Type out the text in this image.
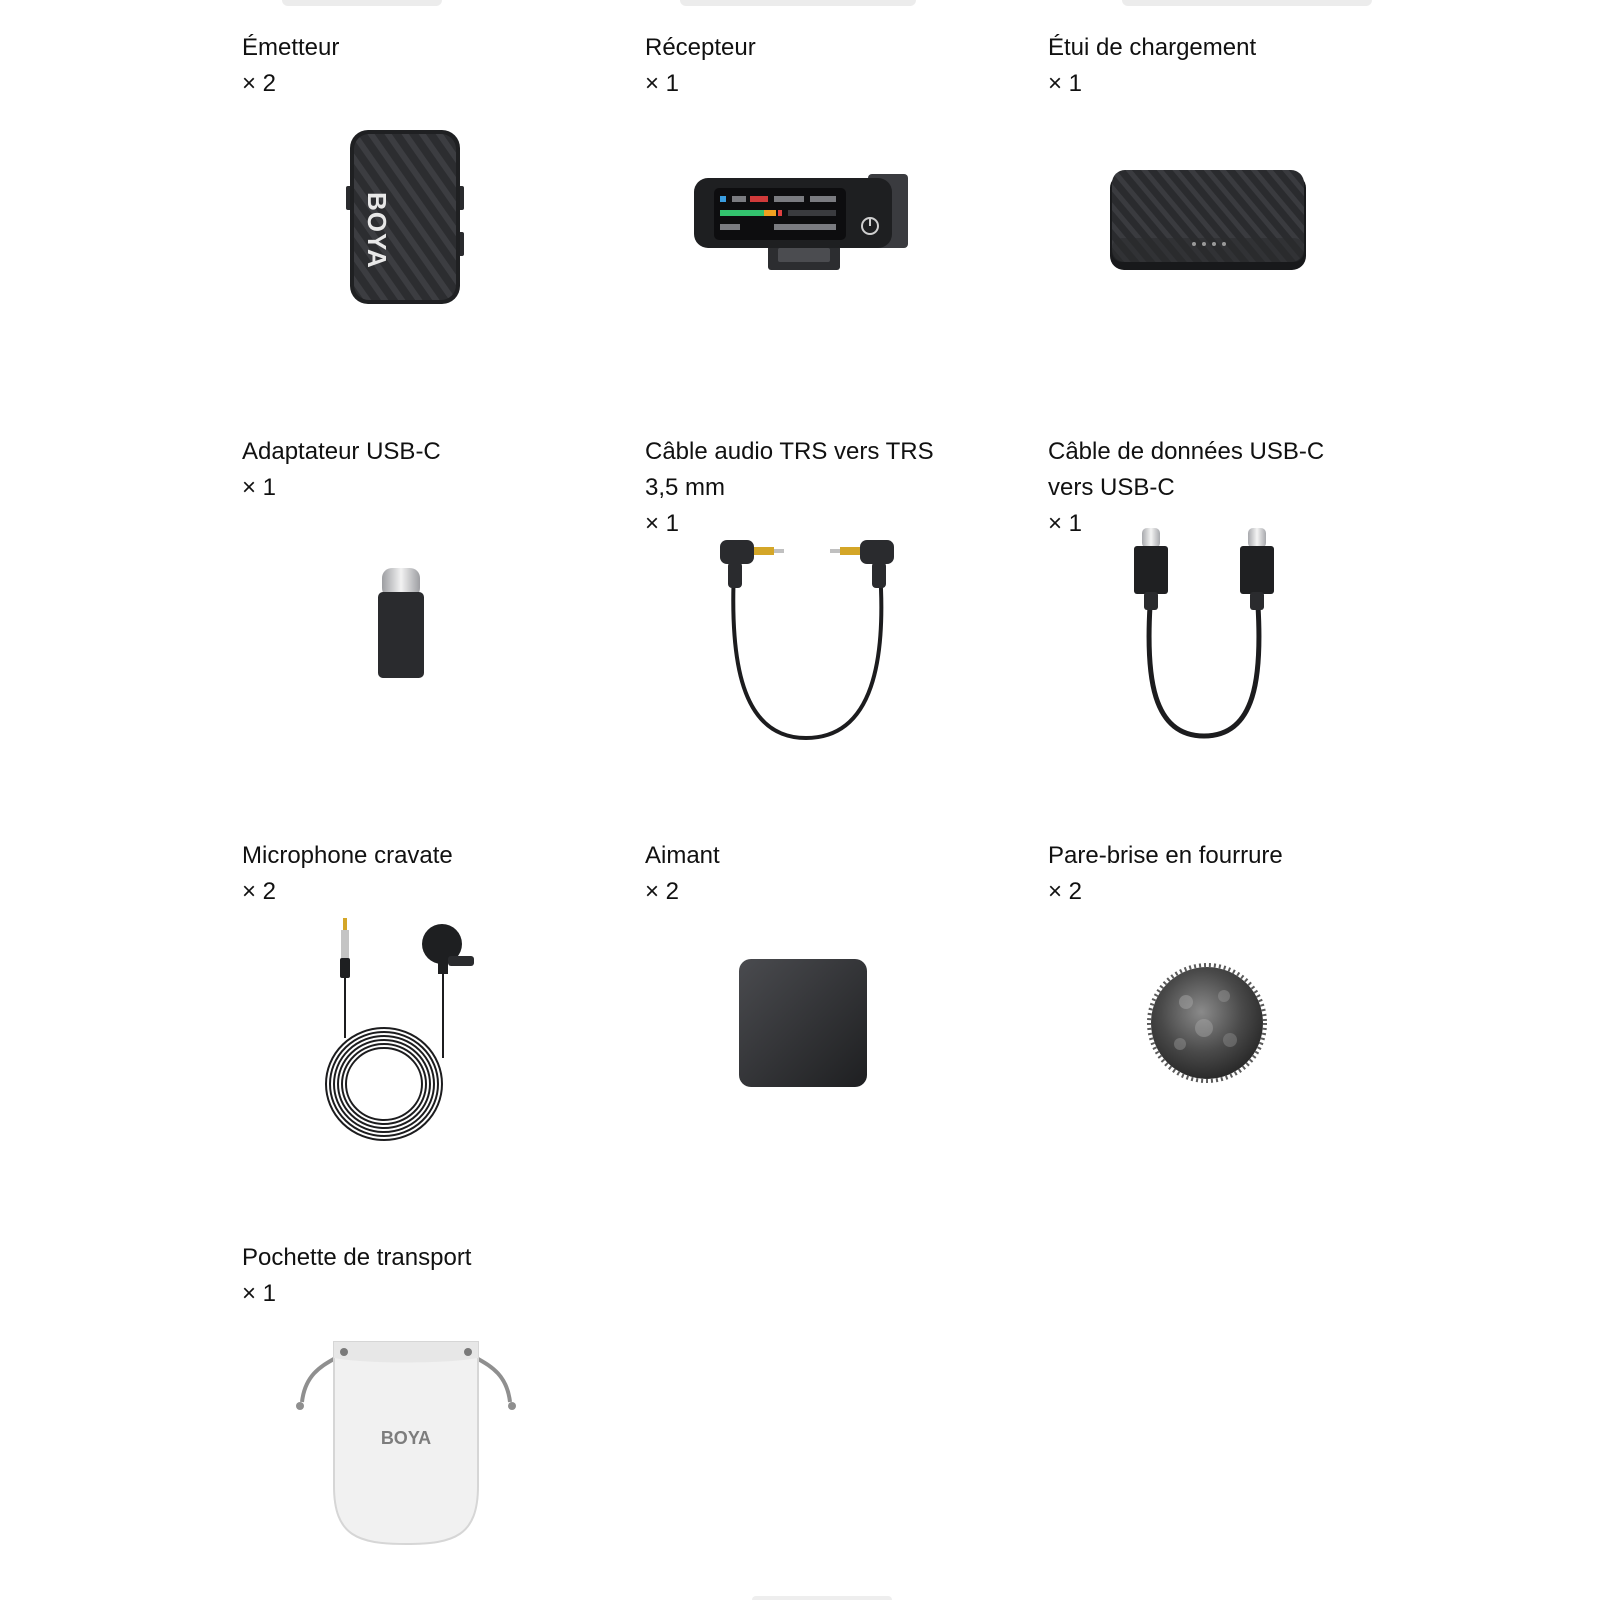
Émetteur
× 2
BOYA
Récepteur
× 1
Étui de chargement
× 1
Adaptateur USB-C
× 1
Câble audio TRS vers TRS
3,5 mm
× 1
Câble de données USB-C
vers USB-C
× 1
Microphone cravate
× 2
Aimant
× 2
Pare-brise en fourrure
× 2
Pochette de transport
× 1
BOYA
